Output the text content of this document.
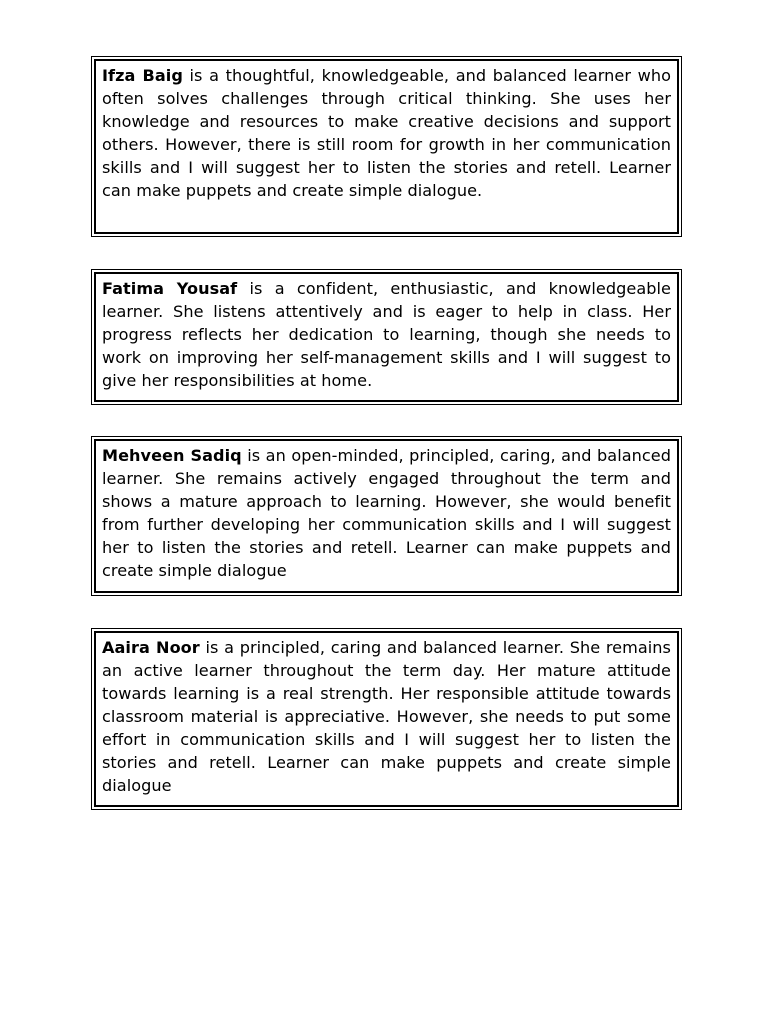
Ifza Baig is a thoughtful, knowledgeable, and balanced learner who often solves challenges through critical thinking. She uses her knowledge and resources to make creative decisions and support others. However, there is still room for growth in her communication skills and I will suggest her to listen the stories and retell. Learner can make puppets and create simple dialogue.

Fatima Yousaf is a confident, enthusiastic, and knowledgeable learner. She listens attentively and is eager to help in class. Her progress reflects her dedication to learning, though she needs to work on improving her self-management skills and I will suggest to give her responsibilities at home.

Mehveen Sadiq is an open-minded, principled, caring, and balanced learner. She remains actively engaged throughout the term and shows a mature approach to learning. However, she would benefit from further developing her communication skills and I will suggest her to listen the stories and retell. Learner can make puppets and create simple dialogue

Aaira Noor is a principled, caring and balanced learner. She remains an active learner throughout the term day. Her mature attitude towards learning is a real strength. Her responsible attitude towards classroom material is appreciative. However, she needs to put some effort in communication skills and I will suggest her to listen the stories and retell. Learner can make puppets and create simple dialogue
